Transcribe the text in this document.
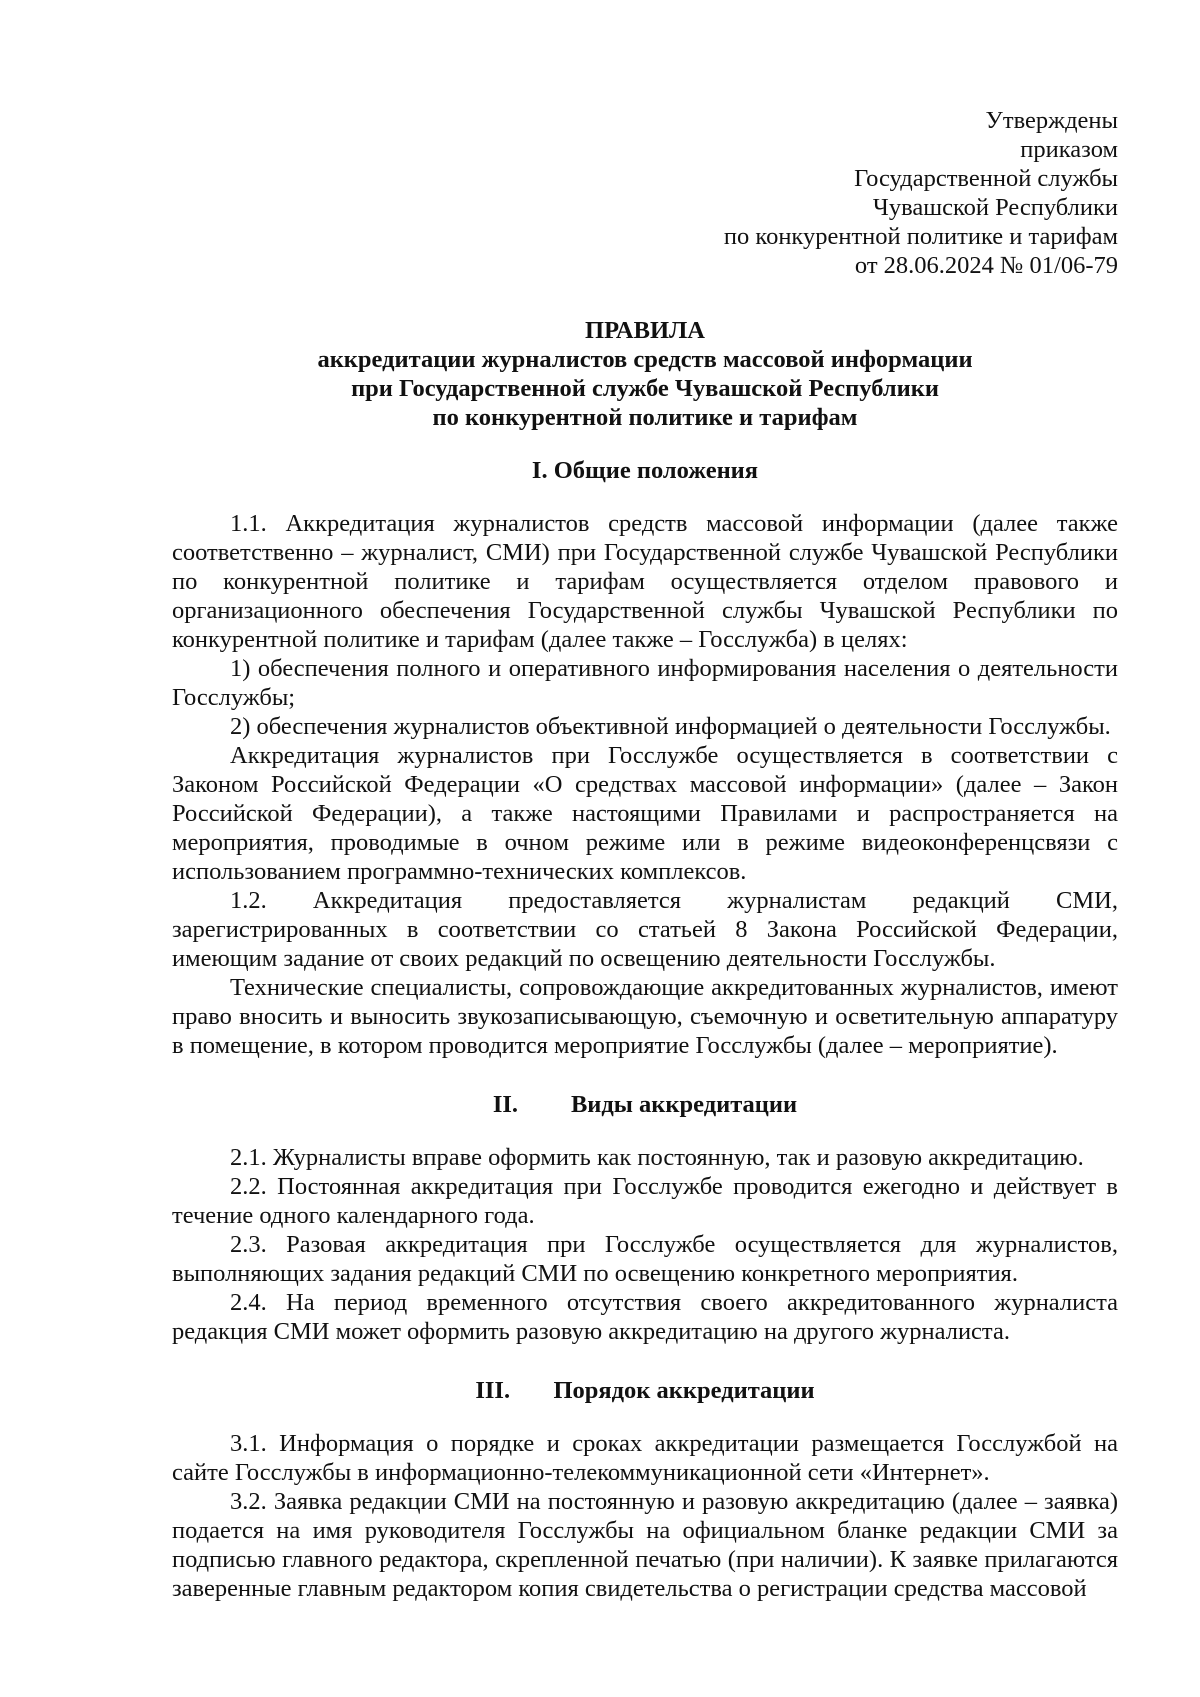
Утверждены
приказом
Государственной службы
Чувашской Республики
по конкурентной политике и тарифам
от 28.06.2024 № 01/06-79
ПРАВИЛА
аккредитации журналистов средств массовой информации
при Государственной службе Чувашской Республики
по конкурентной политике и тарифам
I. Общие положения

1.1. Аккредитация журналистов средств массовой информации (далее также соответственно – журналист, СМИ) при Государственной службе Чувашской Республики по конкурентной политике и тарифам осуществляется отделом правового и организационного обеспечения Государственной службы Чувашской Республики по конкурентной политике и тарифам (далее также – Госслужба) в целях:

1) обеспечения полного и оперативного информирования населения о деятельности Госслужбы;

2) обеспечения журналистов объективной информацией о деятельности Госслужбы.

Аккредитация журналистов при Госслужбе осуществляется в соответствии с Законом Российской Федерации «О средствах массовой информации» (далее – Закон Российской Федерации), а также настоящими Правилами и распространяется на мероприятия, проводимые в очном режиме или в режиме видеоконференцсвязи с использованием программно-технических комплексов.

1.2. Аккредитация предоставляется журналистам редакций СМИ, зарегистрированных в соответствии со статьей 8 Закона Российской Федерации, имеющим задание от своих редакций по освещению деятельности Госслужбы.

Технические специалисты, сопровождающие аккредитованных журналистов, имеют право вносить и выносить звукозаписывающую, съемочную и осветительную аппаратуру в помещение, в котором проводится мероприятие Госслужбы (далее – мероприятие).

II. Виды аккредитации

2.1. Журналисты вправе оформить как постоянную, так и разовую аккредитацию.

2.2. Постоянная аккредитация при Госслужбе проводится ежегодно и действует в течение одного календарного года.

2.3. Разовая аккредитация при Госслужбе осуществляется для журналистов, выполняющих задания редакций СМИ по освещению конкретного мероприятия.

2.4. На период временного отсутствия своего аккредитованного журналиста редакция СМИ может оформить разовую аккредитацию на другого журналиста.

III. Порядок аккредитации

3.1. Информация о порядке и сроках аккредитации размещается Госслужбой на сайте Госслужбы в информационно-телекоммуникационной сети «Интернет».

3.2. Заявка редакции СМИ на постоянную и разовую аккредитацию (далее – заявка) подается на имя руководителя Госслужбы на официальном бланке редакции СМИ за подписью главного редактора, скрепленной печатью (при наличии). К заявке прилагаются заверенные главным редактором копия свидетельства о регистрации средства массовой
